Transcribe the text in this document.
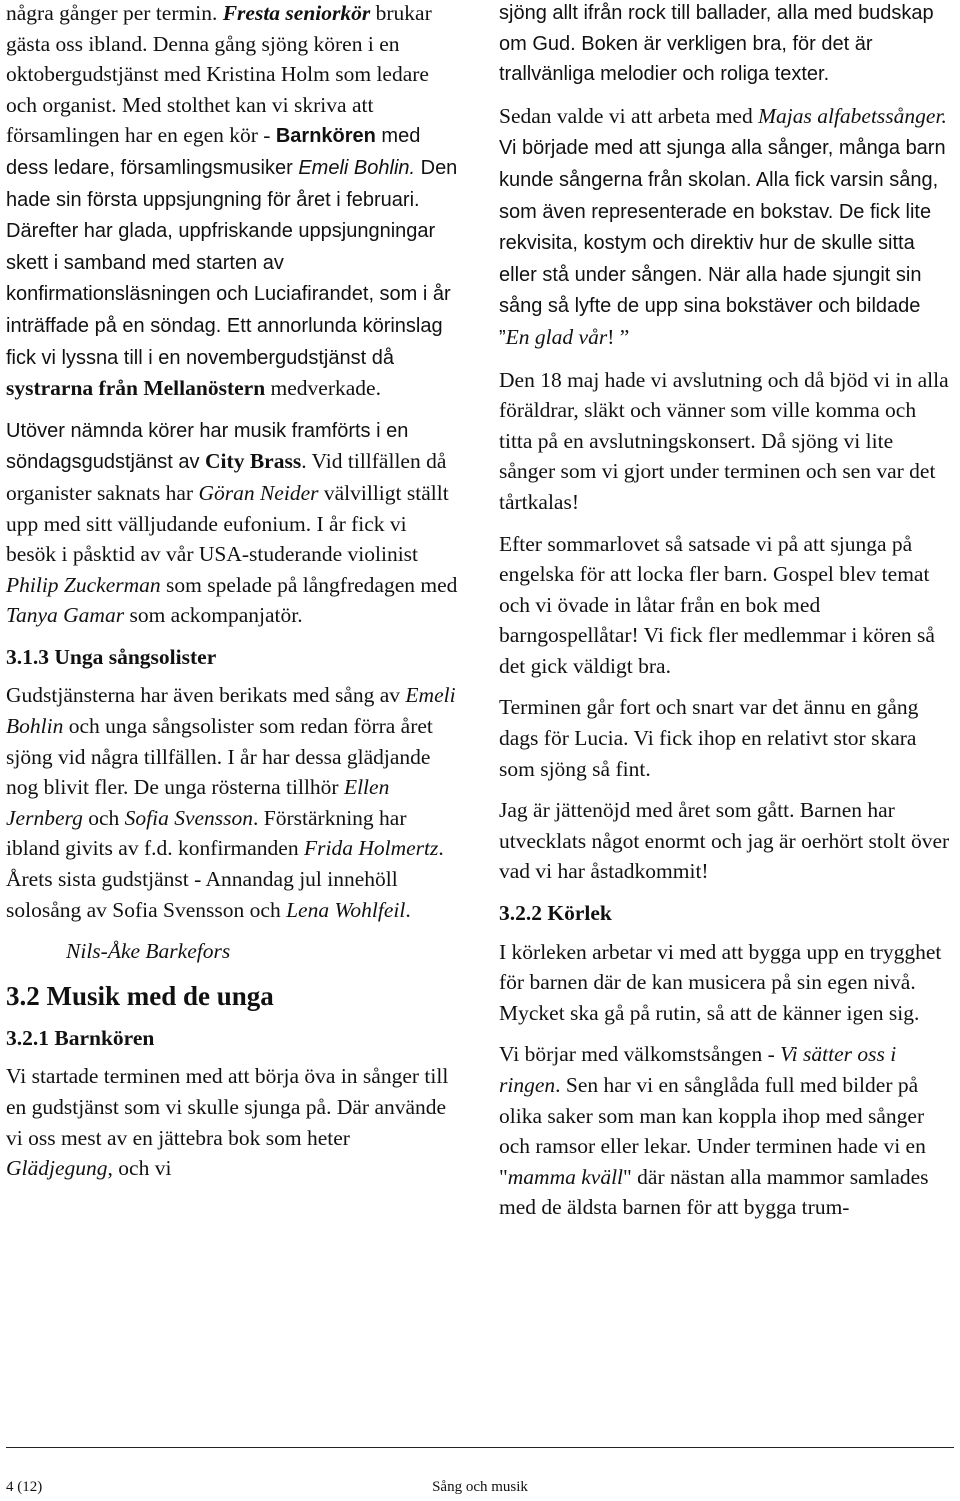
några gånger per termin. Fresta seniorkör brukar gästa oss ibland. Denna gång sjöng kören i en oktobergudstjänst med Kristina Holm som ledare och organist. Med stolthet kan vi skriva att församlingen har en egen kör - Barnkören med dess ledare, församlingsmusiker Emeli Bohlin. Den hade sin första uppsjungning för året i februari. Därefter har glada, uppfriskande uppsjungningar skett i samband med starten av konfirmationsläsningen och Luciafirandet, som i år inträffade på en söndag. Ett annorlunda körinslag fick vi lyssna till i en novembergudstjänst då systrarna från Mellanöstern medverkade.

Utöver nämnda körer har musik framförts i en söndagsgudstjänst av City Brass. Vid tillfällen då organister saknats har Göran Neider välvilligt ställt upp med sitt välljudande eufonium. I år fick vi besök i påsktid av vår USA-studerande violinist Philip Zuckerman som spelade på långfredagen med Tanya Gamar som ackompanjatör.

3.1.3 Unga sångsolister

Gudstjänsterna har även berikats med sång av Emeli Bohlin och unga sångsolister som redan förra året sjöng vid några tillfällen. I år har dessa glädjande nog blivit fler. De unga rösterna tillhör Ellen Jernberg och Sofia Svensson. Förstärkning har ibland givits av f.d. konfirmanden Frida Holmertz. Årets sista gudstjänst - Annandag jul innehöll solosång av Sofia Svensson och Lena Wohlfeil.

Nils-Åke Barkefors

3.2 Musik med de unga
3.2.1 Barnkören

Vi startade terminen med att börja öva in sånger till en gudstjänst som vi skulle sjunga på. Där använde vi oss mest av en jättebra bok som heter Glädjegung, och vi

sjöng allt ifrån rock till ballader, alla med budskap om Gud. Boken är verkligen bra, för det är trallvänliga melodier och roliga texter.

Sedan valde vi att arbeta med Majas alfabetssånger. Vi började med att sjunga alla sånger, många barn kunde sångerna från skolan. Alla fick varsin sång, som även representerade en bokstav. De fick lite rekvisita, kostym och direktiv hur de skulle sitta eller stå under sången. När alla hade sjungit sin sång så lyfte de upp sina bokstäver och bildade ”En glad vår! ”

Den 18 maj hade vi avslutning och då bjöd vi in alla föräldrar, släkt och vänner som ville komma och titta på en avslutningskonsert. Då sjöng vi lite sånger som vi gjort under terminen och sen var det tårtkalas!

Efter sommarlovet så satsade vi på att sjunga på engelska för att locka fler barn. Gospel blev temat och vi övade in låtar från en bok med barngospellåtar! Vi fick fler medlemmar i kören så det gick väldigt bra.

Terminen går fort och snart var det ännu en gång dags för Lucia. Vi fick ihop en relativt stor skara som sjöng så fint.

Jag är jättenöjd med året som gått. Barnen har utvecklats något enormt och jag är oerhört stolt över vad vi har åstadkommit!

3.2.2 Körlek

I körleken arbetar vi med att bygga upp en trygghet för barnen där de kan musicera på sin egen nivå. Mycket ska gå på rutin, så att de känner igen sig.

Vi börjar med välkomstsången - Vi sätter oss i ringen. Sen har vi en sånglåda full med bilder på olika saker som man kan koppla ihop med sånger och ramsor eller lekar. Under terminen hade vi en "mamma kväll" där nästan alla mammor samlades med de äldsta barnen för att bygga trum-

4 (12)	Sång och musik
